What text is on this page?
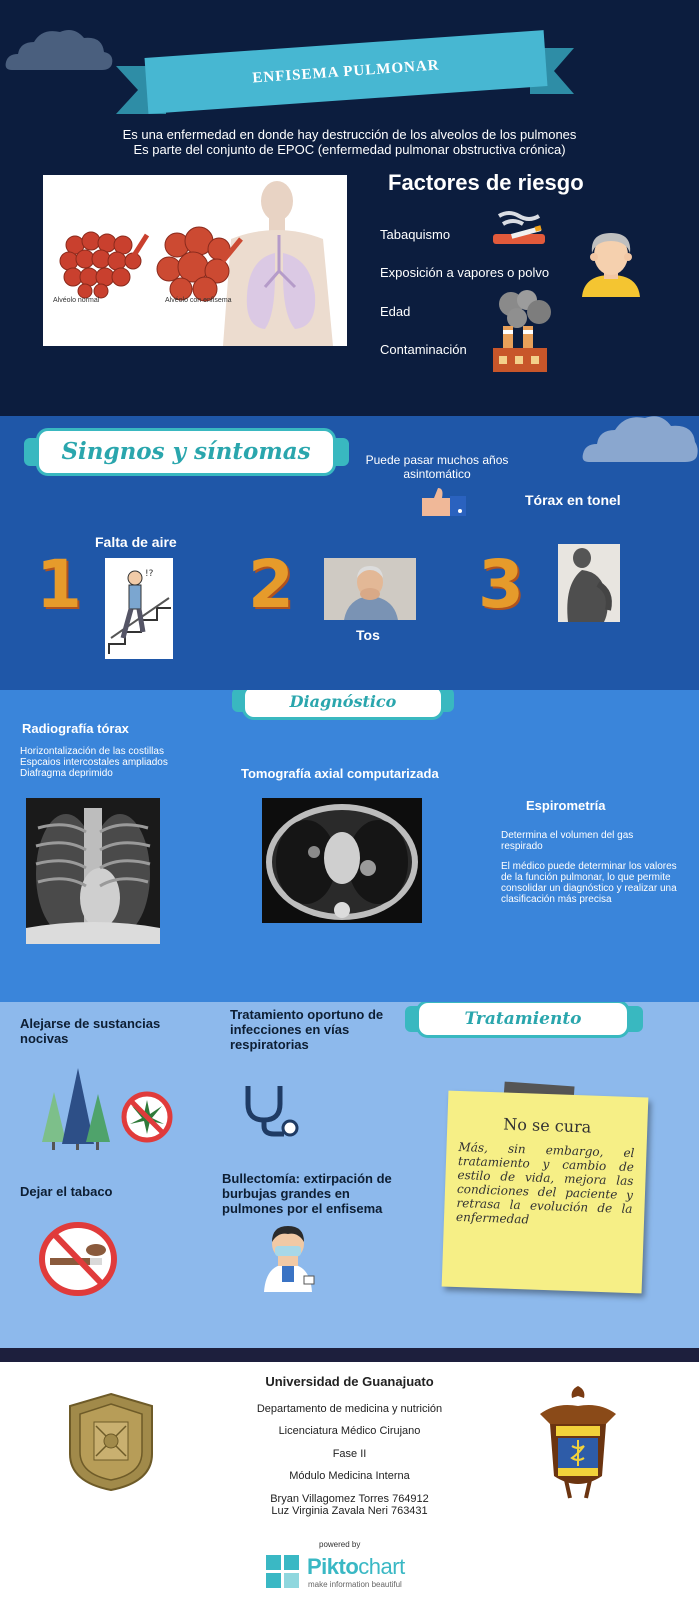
ENFISEMA PULMONAR
Es una enfermedad en donde hay destrucción de los alveolos de los pulmones
Es parte del conjunto de EPOC (enfermedad pulmonar obstructiva crónica)
Alvéolo normal	Alvéolo con enfisema
Factores de riesgo
Tabaquismo
Exposición a vapores o polvo
Edad
Contaminación
Singnos y síntomas	Puede pasar muchos años asintomático
Tórax en tonel
Falta de aire
1	!? 2
Tos
3
Diagnóstico
Radiografía tórax
Horizontalización de las costillas
Espcaios intercostales ampliados
Diafragma deprimido	Tomografía axial computarizada
Espirometría
Determina el volumen del gas respirado
El médico puede determinar los valores de la función pulmonar, lo que permite consolidar un diagnóstico y realizar una clasificación más precisa
Alejarse de sustancias nocivas
Tratamiento oportuno de infecciones en vías respiratorias
Tratamiento
Dejar el tabaco
Bullectomía: extirpación de burbujas grandes en pulmones por el enfisema
No se cura
Más, sin embargo, el tratamiento y cambio de estilo de vida, mejora las condiciones del paciente y retrasa la evolución de la enfermedad
Universidad de Guanajuato
Departamento de medicina y nutrición
Licenciatura Médico Cirujano
Fase II
Módulo Medicina Interna
Bryan Villagomez Torres 764912
Luz Virginia Zavala Neri 763431
powered by
Piktochart
make information beautiful
